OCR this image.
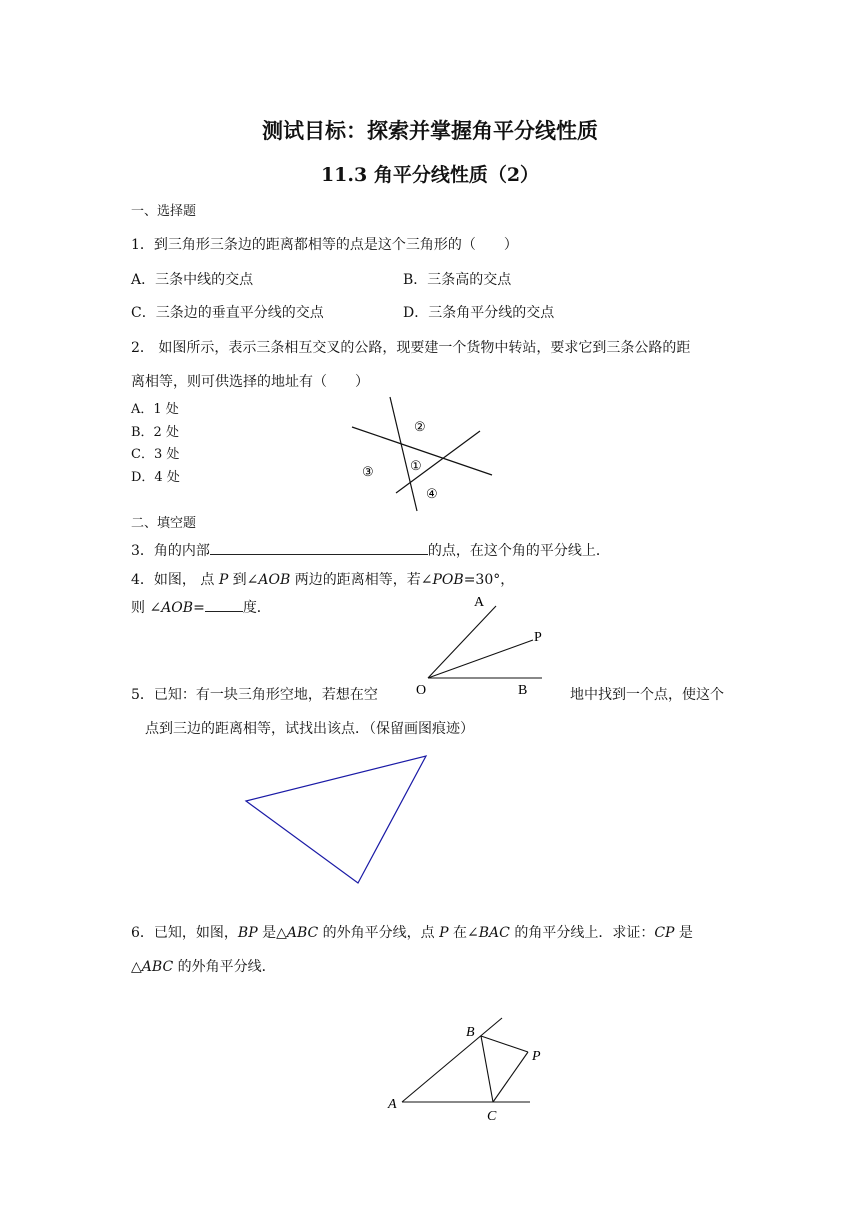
测试目标：探索并掌握角平分线性质
11.3 角平分线性质（2）
一、选择题
1．到三角形三条边的距离都相等的点是这个三角形的（　　）
A．三条中线的交点	B．三条高的交点
C．三条边的垂直平分线的交点	D．三条角平分线的交点
2． 如图所示，表示三条相互交叉的公路，现要建一个货物中转站，要求它到三条公路的距
离相等，则可供选择的地址有（　　）
A．1 处
B．2 处
C．3 处
D．4 处
②
①
③
④
二、填空题
3．角的内部	的点，在这个角的平分线上．
4．如图， 点 P 到∠AOB 两边的距离相等，若∠POB=30°，
则 ∠AOB=	度．	A
P
O	B
5．已知：有一块三角形空地，若想在空	地中找到一个点，使这个
点到三边的距离相等，试找出该点．（保留画图痕迹）
6．已知，如图，BP 是△ABC 的外角平分线，点 P 在∠BAC 的角平分线上．求证：CP 是
△ABC 的外角平分线．
B
P
A
C
